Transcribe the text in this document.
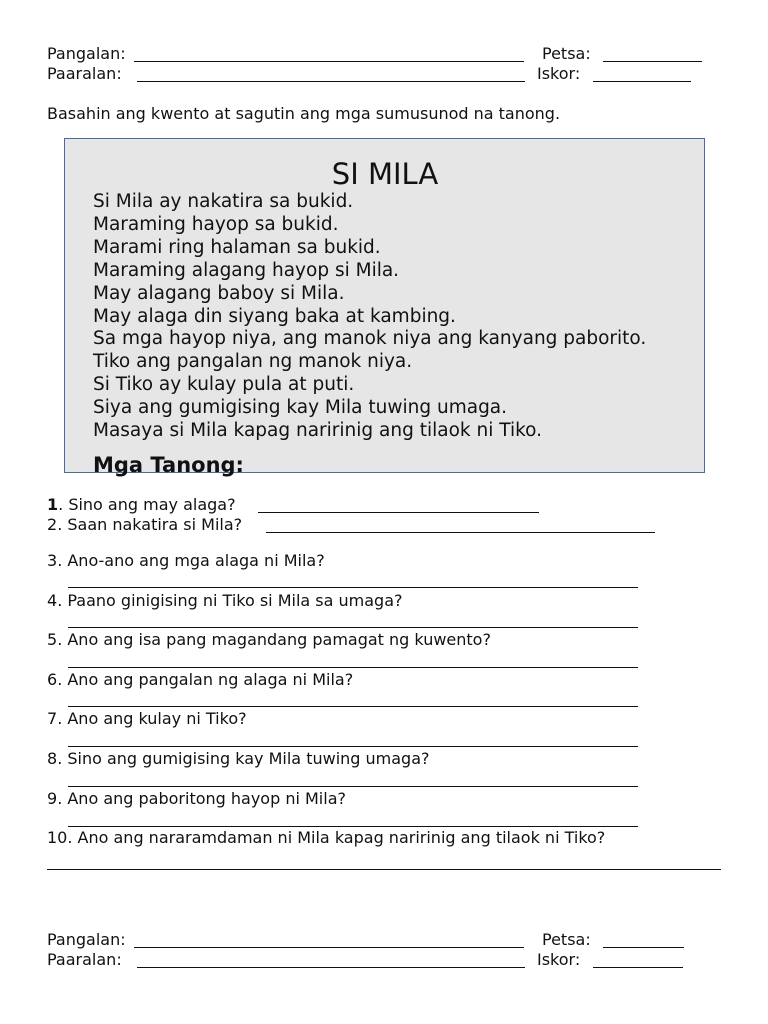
Pangalan:	Petsa:
Paaralan:	Iskor:
Basahin ang kwento at sagutin ang mga sumusunod na tanong.
SI MILA
Si Mila ay nakatira sa bukid.
Maraming hayop sa bukid.
Marami ring halaman sa bukid.
Maraming alagang hayop si Mila.
May alagang baboy si Mila.
May alaga din siyang baka at kambing.
Sa mga hayop niya, ang manok niya ang kanyang paborito.
Tiko ang pangalan ng manok niya.
Si Tiko ay kulay pula at puti.
Siya ang gumigising kay Mila tuwing umaga.
Masaya si Mila kapag naririnig ang tilaok ni Tiko.
Mga Tanong:
1. Sino ang may alaga?
2. Saan nakatira si Mila?
3. Ano-ano ang mga alaga ni Mila?
4. Paano ginigising ni Tiko si Mila sa umaga?
5. Ano ang isa pang magandang pamagat ng kuwento?
6. Ano ang pangalan ng alaga ni Mila?
7. Ano ang kulay ni Tiko?
8. Sino ang gumigising kay Mila tuwing umaga?
9. Ano ang paboritong hayop ni Mila?
10. Ano ang nararamdaman ni Mila kapag naririnig ang tilaok ni Tiko?
Pangalan:	Petsa:
Paaralan:	Iskor:
